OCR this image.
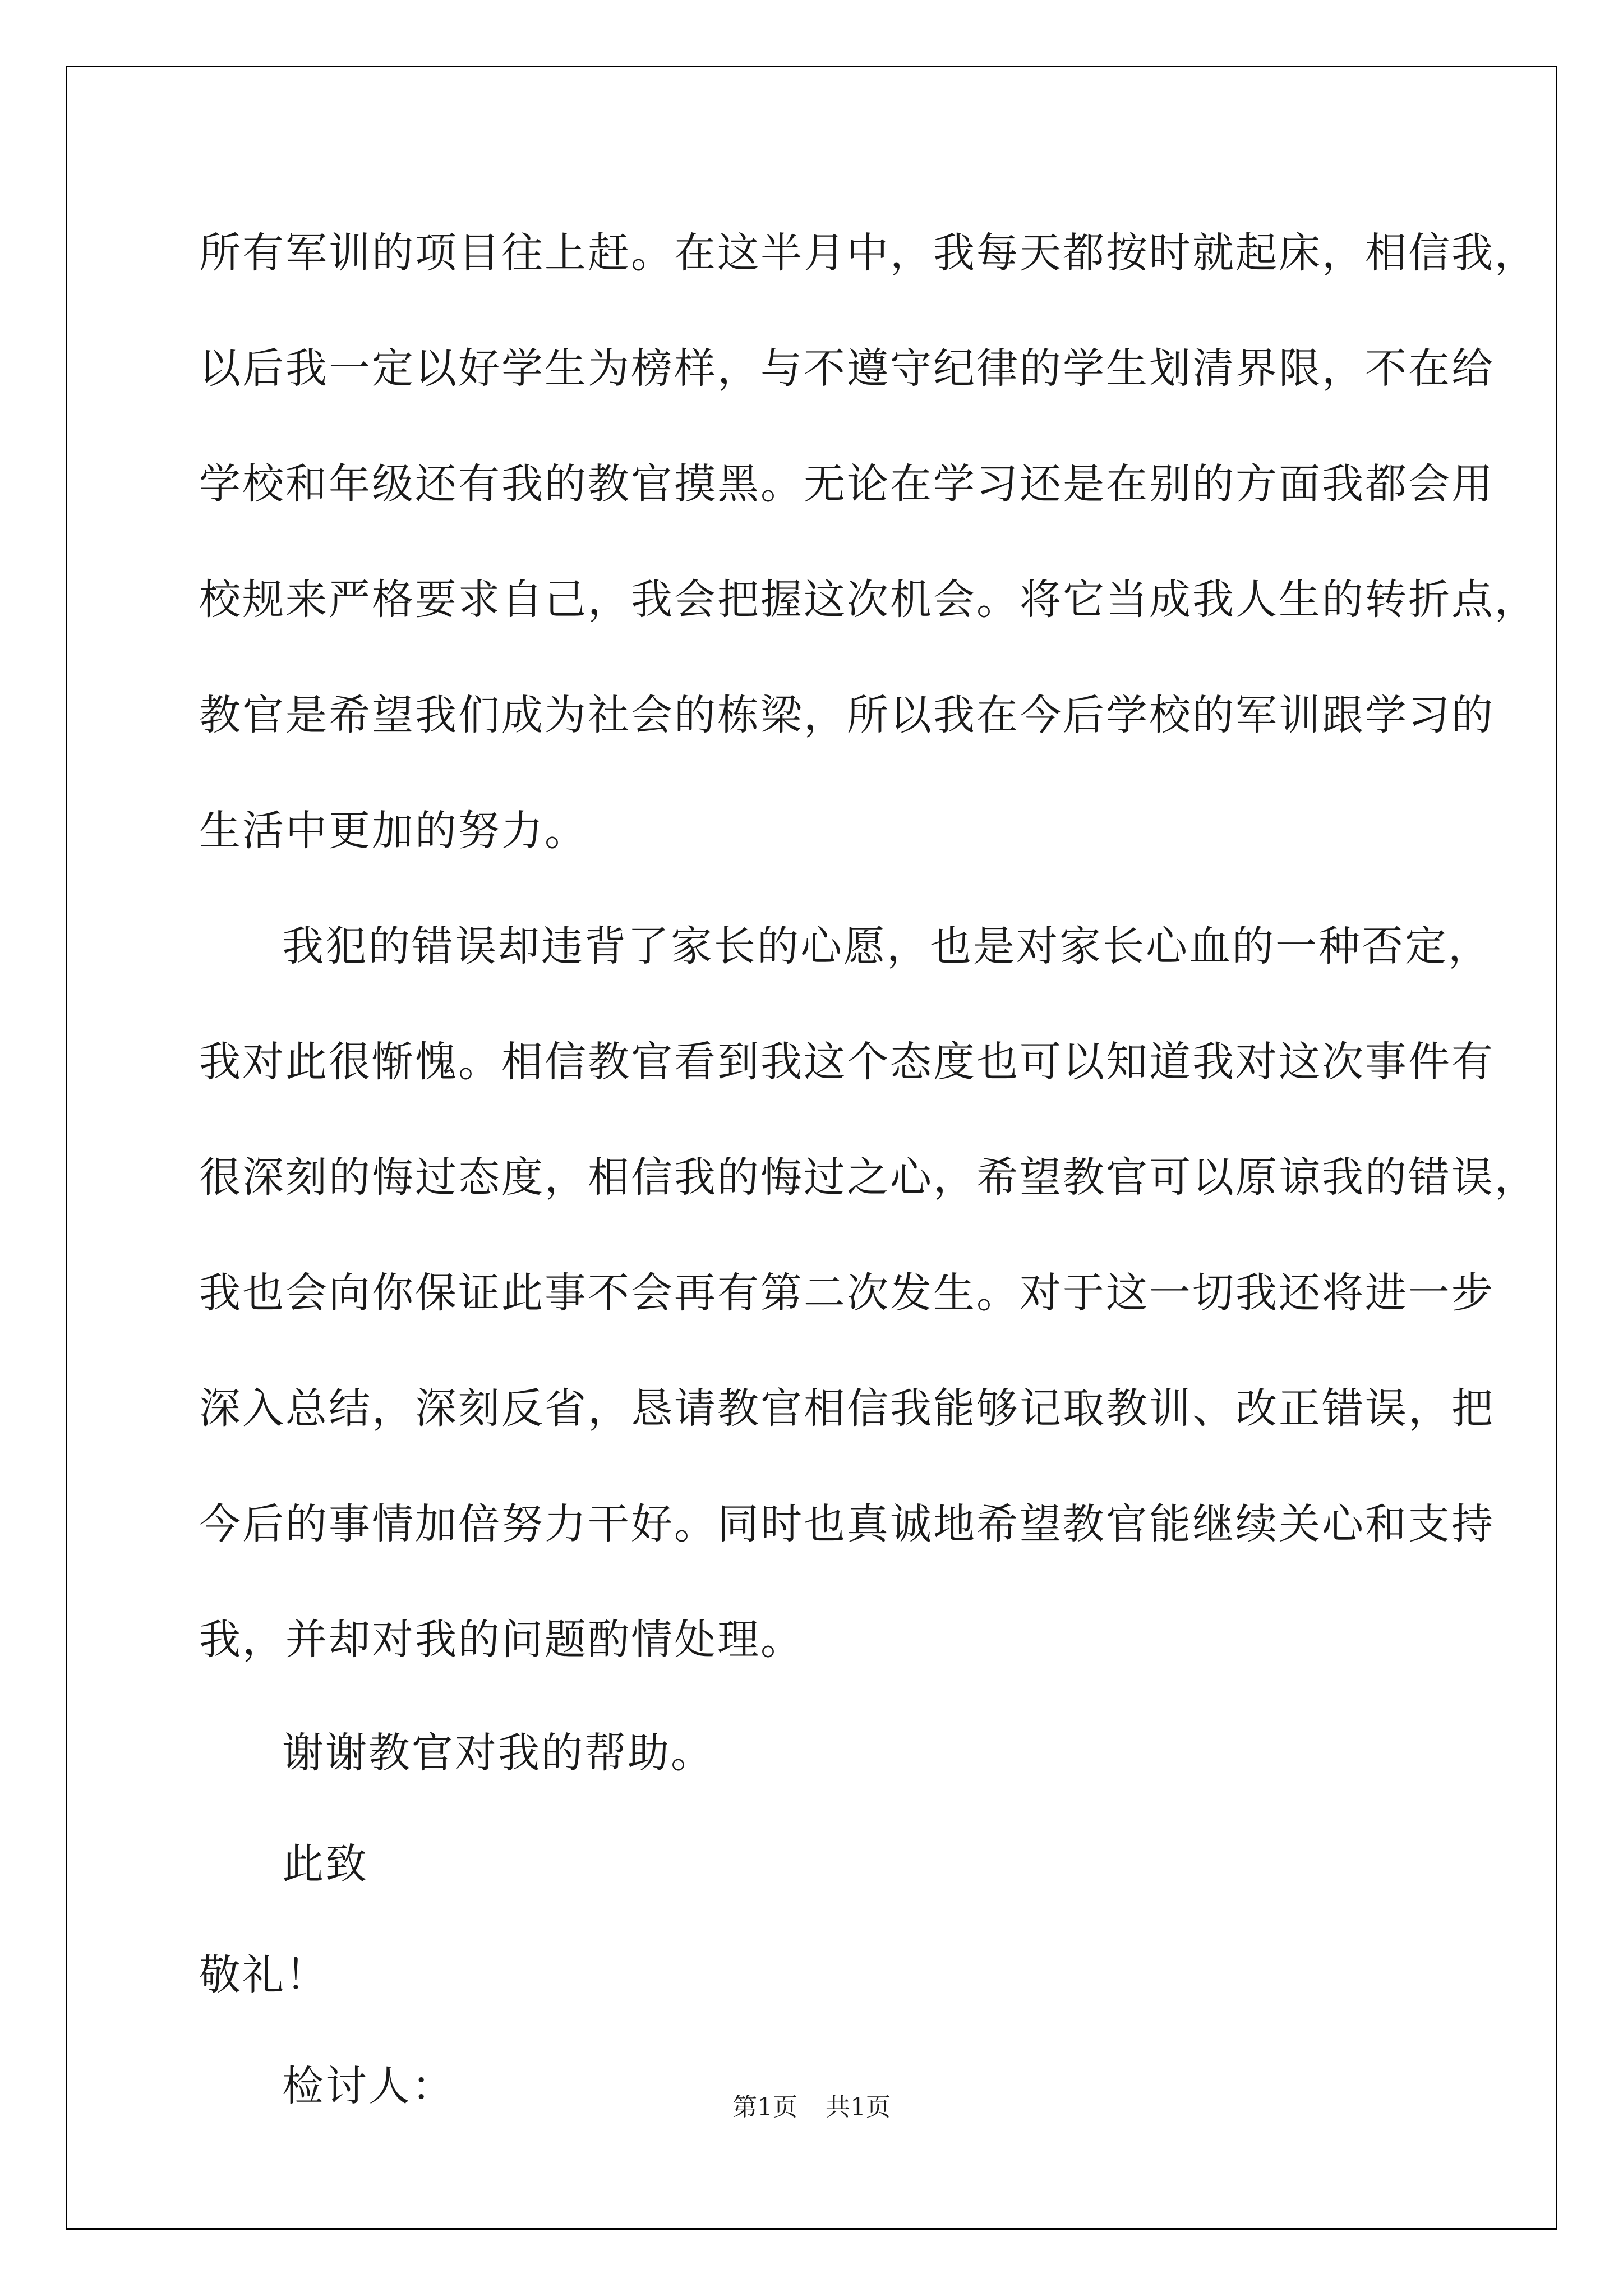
所有军训的项目往上赶。在这半月中，我每天都按时就起床，相信我，

以后我一定以好学生为榜样，与不遵守纪律的学生划清界限，不在给

学校和年级还有我的教官摸黑。无论在学习还是在别的方面我都会用

校规来严格要求自己，我会把握这次机会。将它当成我人生的转折点，

教官是希望我们成为社会的栋梁，所以我在今后学校的军训跟学习的

生活中更加的努力。

我犯的错误却违背了家长的心愿，也是对家长心血的一种否定，

我对此很惭愧。相信教官看到我这个态度也可以知道我对这次事件有

很深刻的悔过态度，相信我的悔过之心，希望教官可以原谅我的错误，

我也会向你保证此事不会再有第二次发生。对于这一切我还将进一步

深入总结，深刻反省，恳请教官相信我能够记取教训、改正错误，把

今后的事情加倍努力干好。同时也真诚地希望教官能继续关心和支持

我，并却对我的问题酌情处理。

谢谢教官对我的帮助。

此致

敬礼！

检讨人：	第1页 共1页
